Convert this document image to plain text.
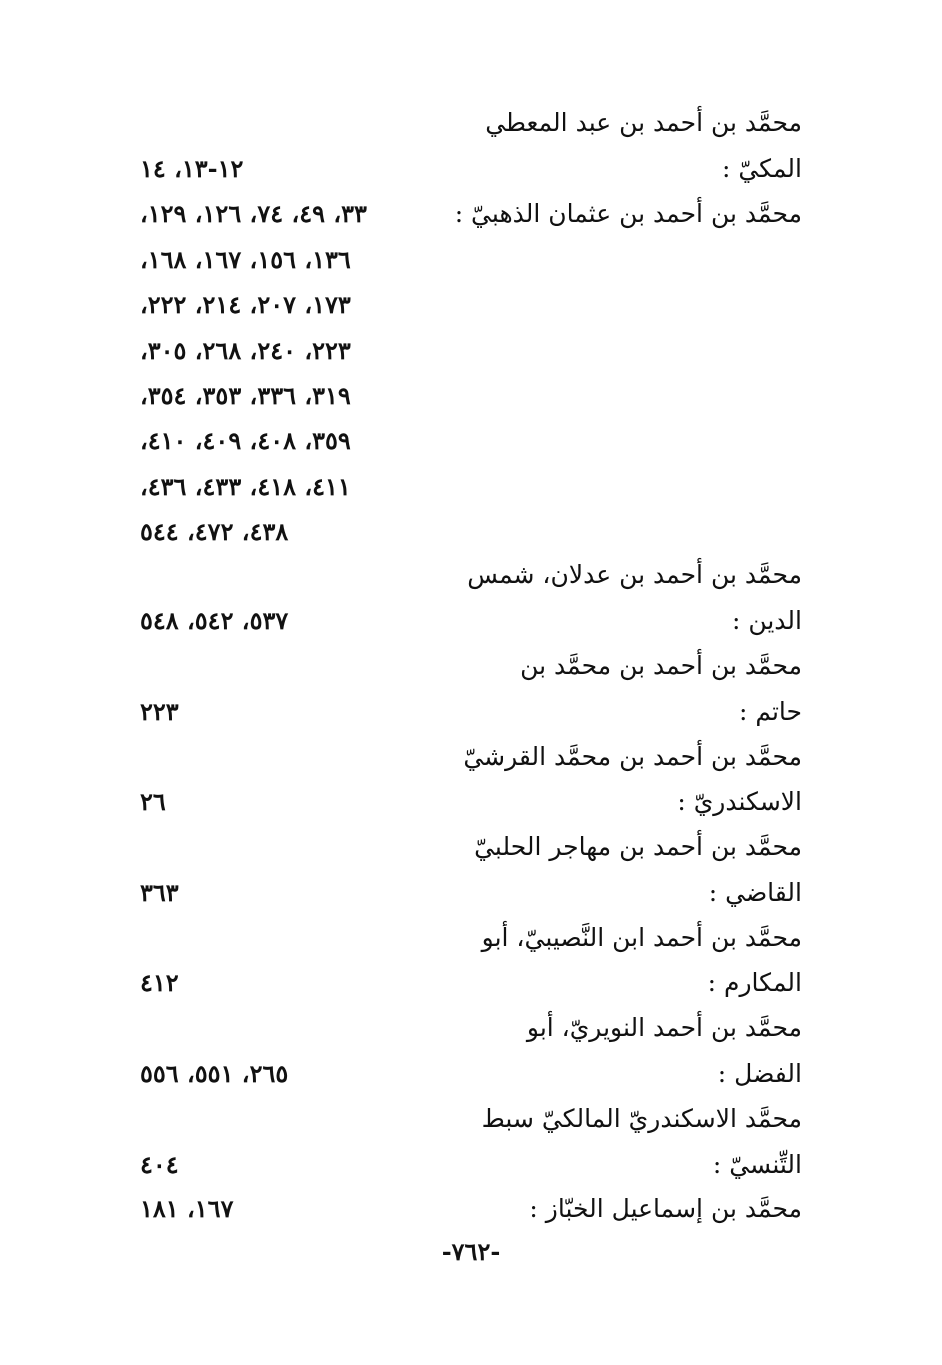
محمَّد بن أحمد بن عبد المعطي
المكيّ :
١٢-١٣، ١٤
محمَّد بن أحمد بن عثمان الذهبيّ :
٣٣، ٤٩، ٧٤، ١٢٦، ١٢٩،
١٣٦، ١٥٦، ١٦٧، ١٦٨،
١٧٣، ٢٠٧، ٢١٤، ٢٢٢،
٢٢٣، ٢٤٠، ٢٦٨، ٣٠٥،
٣١٩، ٣٣٦، ٣٥٣، ٣٥٤،
٣٥٩، ٤٠٨، ٤٠٩، ٤١٠،
٤١١، ٤١٨، ٤٣٣، ٤٣٦،
٤٣٨، ٤٧٢، ٥٤٤
محمَّد بن أحمد بن عدلان، شمس
الدين :
٥٣٧، ٥٤٢، ٥٤٨
محمَّد بن أحمد بن محمَّد بن
حاتم :
٢٢٣
محمَّد بن أحمد بن محمَّد القرشيّ
الاسكندريّ :
٢٦
محمَّد بن أحمد بن مهاجر الحلبيّ
القاضي :
٣٦٣
محمَّد بن أحمد ابن النَّصيبيّ، أبو
المكارم :
٤١٢
محمَّد بن أحمد النويريّ، أبو
الفضل :
٢٦٥، ٥٥١، ٥٥٦
محمَّد الاسكندريّ المالكيّ سبط
التِّنسيّ :
٤٠٤
محمَّد بن إسماعيل الخبّاز :
١٦٧، ١٨١
-٧٦٢-
